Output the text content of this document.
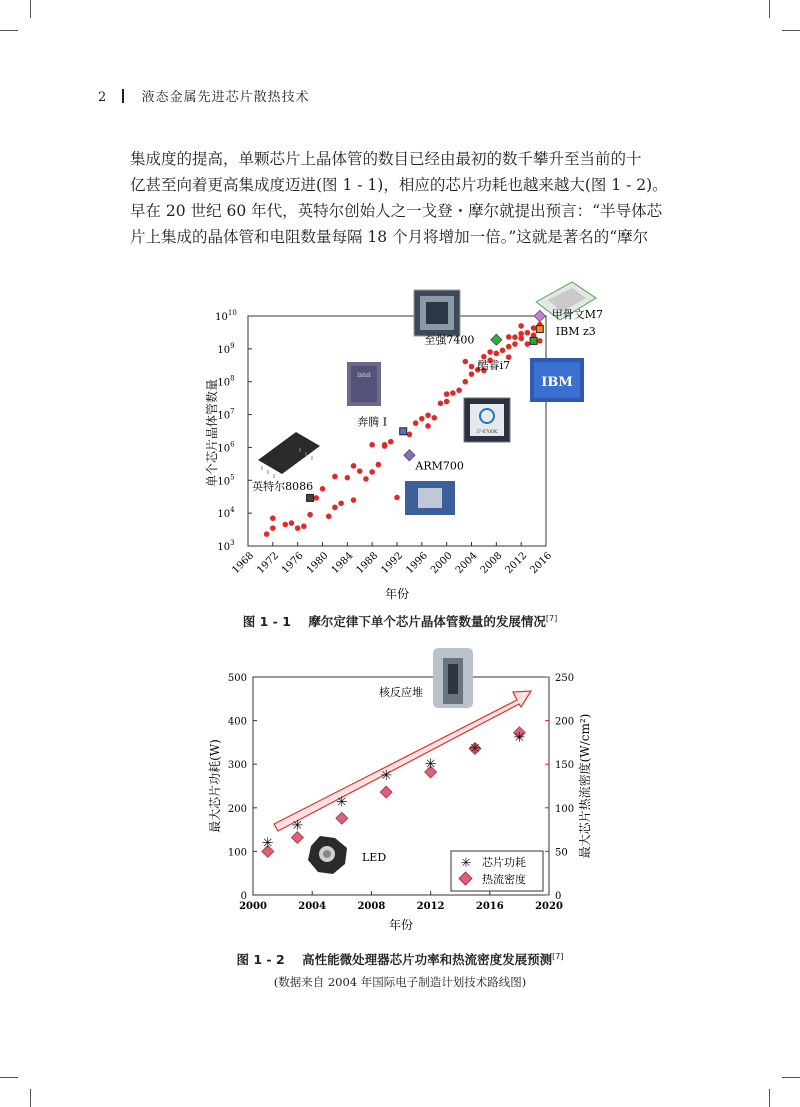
2	液态金属先进芯片散热技术

集成度的提高，单颗芯片上晶体管的数目已经由最初的数千攀升至当前的十

亿甚至向着更高集成度迈进(图 1 - 1)，相应的芯片功耗也越来越大(图 1 - 2)。

早在 20 世纪 60 年代，英特尔创始人之一戈登・摩尔就提出预言：“半导体芯

片上集成的晶体管和电阻数量每隔 18 个月将增加一倍。”这就是著名的“摩尔

$10^3$
$10^4$
$10^5$
$10^6$
$10^7$
$10^8$
$10^9$
$10^{10}$
1968 1972 1976 1980 1984 1988 1992 1996 2000 2004 2008 2012 2016
单个芯片晶体管数量
年份
intel	IBM
i7-6700K
英特尔8086
奔腾 I
ARM700
至强7400
酷睿i7
甲骨文M7
IBM z3
图 1 - 1 摩尔定律下单个芯片晶体管数量的发展情况[7]
0
100
200
300
400
500
0
50
100
150
200
250
2000	2004	2008	2012	2016	2020
最大芯片功耗(W)	最大芯片热流密度(W/cm²)
年份
✳
✳
✳
✳
✳
✳
✳
✳ 芯片功耗
热流密度
核反应堆
LED
图 1 - 2 高性能微处理器芯片功率和热流密度发展预测[7]
(数据来自 2004 年国际电子制造计划技术路线图)
